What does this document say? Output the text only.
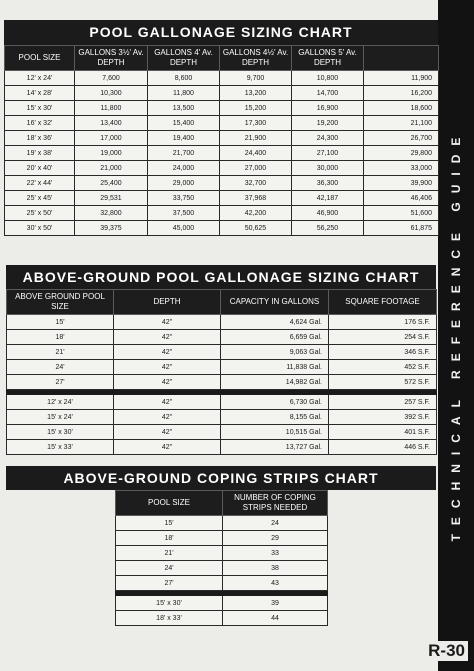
TECHNICAL REFERENCE GUIDE
POOL GALLONAGE SIZING CHART
POOL SIZE	GALLONS 3½' Av. DEPTH	GALLONS 4' Av. DEPTH	GALLONS 4½' Av. DEPTH	GALLONS 5' Av. DEPTH	
12' x 24'	7,600	8,600	9,700	10,800	11,900
14' x 28'	10,300	11,800	13,200	14,700	16,200
15' x 30'	11,800	13,500	15,200	16,900	18,600
16' x 32'	13,400	15,400	17,300	19,200	21,100
18' x 36'	17,000	19,400	21,900	24,300	26,700
19' x 38'	19,000	21,700	24,400	27,100	29,800
20' x 40'	21,000	24,000	27,000	30,000	33,000
22' x 44'	25,400	29,000	32,700	36,300	39,900
25' x 45'	29,531	33,750	37,968	42,187	46,406
25' x 50'	32,800	37,500	42,200	46,900	51,600
30' x 50'	39,375	45,000	50,625	56,250	61,875
ABOVE-GROUND POOL GALLONAGE SIZING CHART
ABOVE GROUND POOL SIZE	DEPTH	CAPACITY IN GALLONS	SQUARE FOOTAGE
15'	42"	4,624 Gal.	176 S.F.
18'	42"	6,659 Gal.	254 S.F.
21'	42"	9,063 Gal.	346 S.F.
24'	42"	11,838 Gal.	452 S.F.
27'	42"	14,982 Gal.	572 S.F.

12' x 24'	42"	6,730 Gal.	257 S.F.
15' x 24'	42"	8,155 Gal.	392 S.F.
15' x 30'	42"	10,515 Gal.	401 S.F.
15' x 33'	42"	13,727 Gal.	446 S.F.
ABOVE-GROUND COPING STRIPS CHART
POOL SIZE	NUMBER OF COPING STRIPS NEEDED
15'	24
18'	29
21'	33
24'	38
27'	43

15' x 30'	39
18' x 33'	44
R-30
